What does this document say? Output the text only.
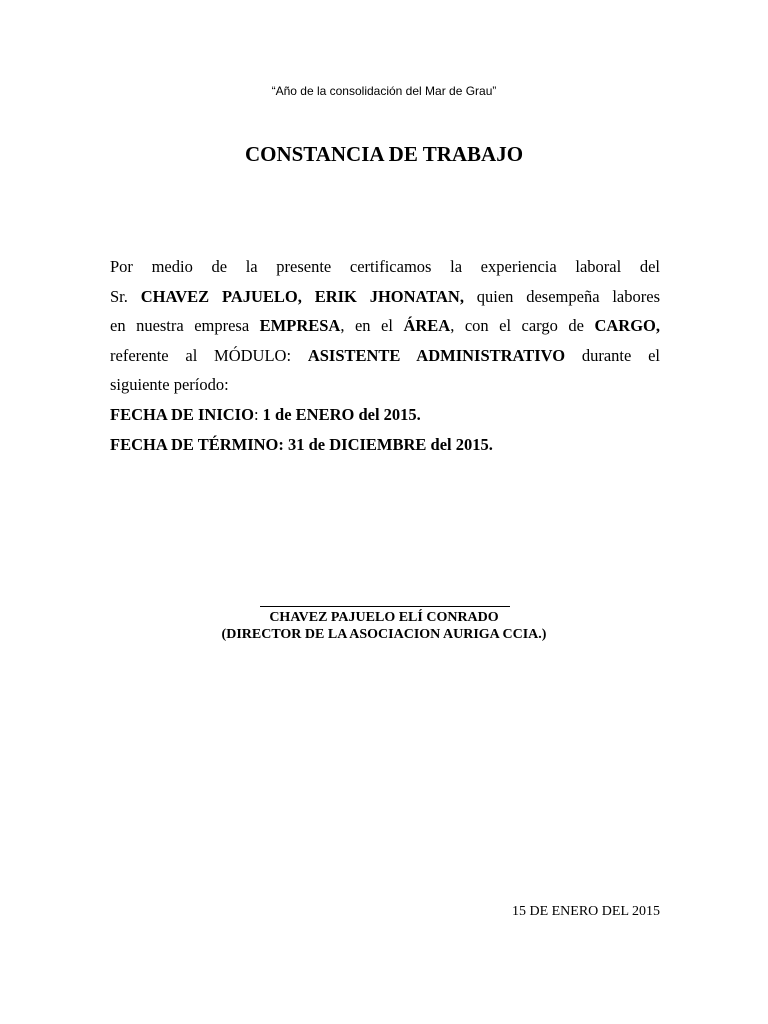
“Año de la consolidación del Mar de Grau”
CONSTANCIA DE TRABAJO
Por medio de la presente certificamos la experiencia laboral del
Sr. CHAVEZ PAJUELO, ERIK JHONATAN, quien desempeña labores
en nuestra empresa EMPRESA, en el ÁREA, con el cargo de CARGO,
referente al MÓDULO: ASISTENTE ADMINISTRATIVO durante el
siguiente período:
FECHA DE INICIO: 1 de ENERO del 2015.
FECHA DE TÉRMINO: 31 de DICIEMBRE del 2015.
CHAVEZ PAJUELO ELÍ CONRADO
(DIRECTOR DE LA ASOCIACION AURIGA CCIA.)
15 DE ENERO DEL 2015
